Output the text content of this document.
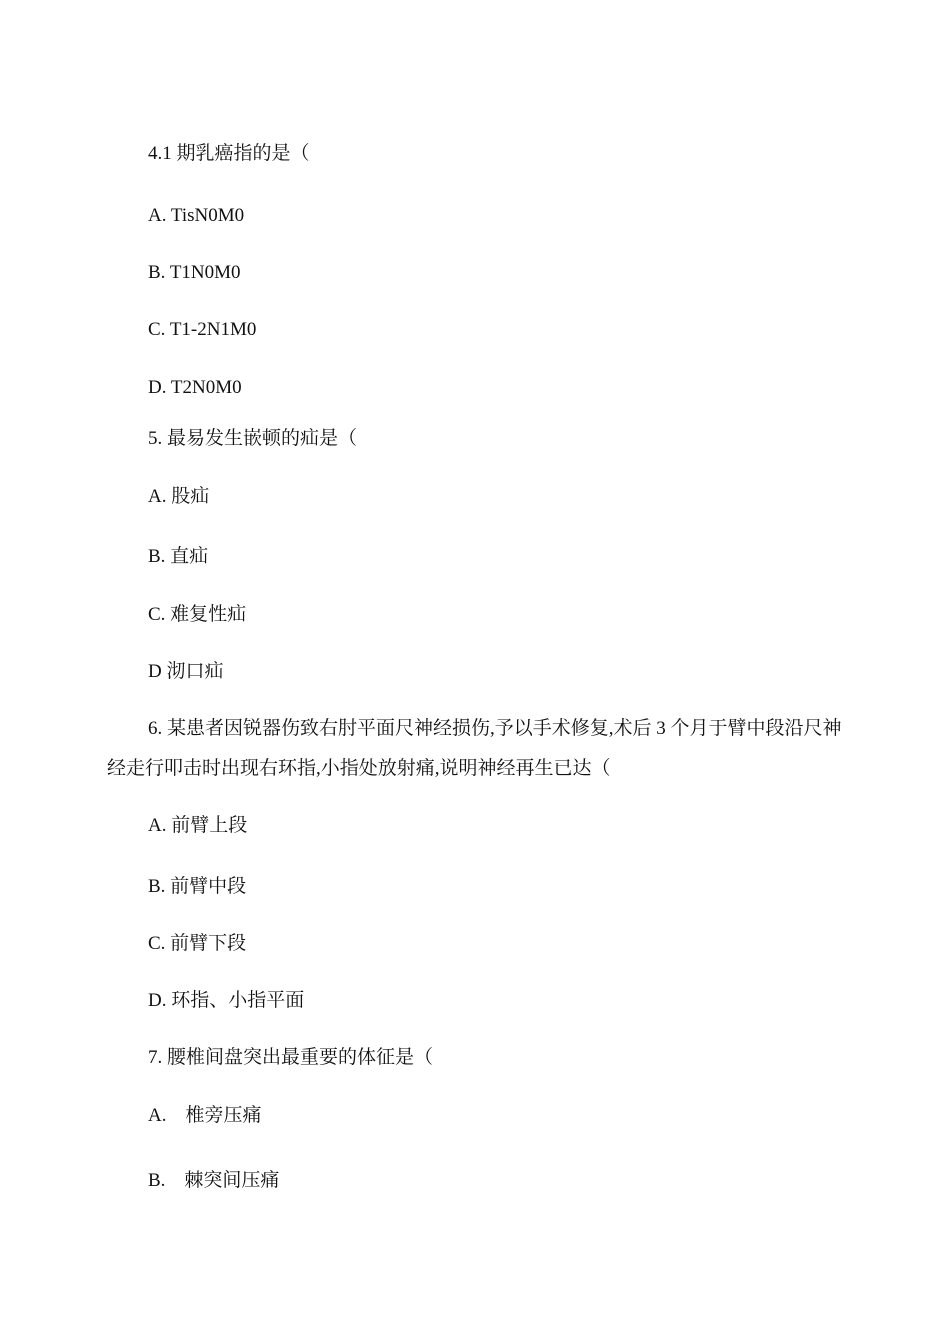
4.1 期乳癌指的是（
A. TisN0M0
B. T1N0M0
C. T1-2N1M0
D. T2N0M0
5. 最易发生嵌顿的疝是（
A. 股疝
B. 直疝
C. 难复性疝
D 沏口疝
6. 某患者因锐器伤致右肘平面尺神经损伤,予以手术修复,术后 3 个月于臂中段沿尺神经走行叩击时出现右环指,小指处放射痛,说明神经再生已达（
A. 前臂上段
B. 前臂中段
C. 前臂下段
D. 环指、小指平面
7. 腰椎间盘突出最重要的体征是（
A.    椎旁压痛
B.    棘突间压痛
